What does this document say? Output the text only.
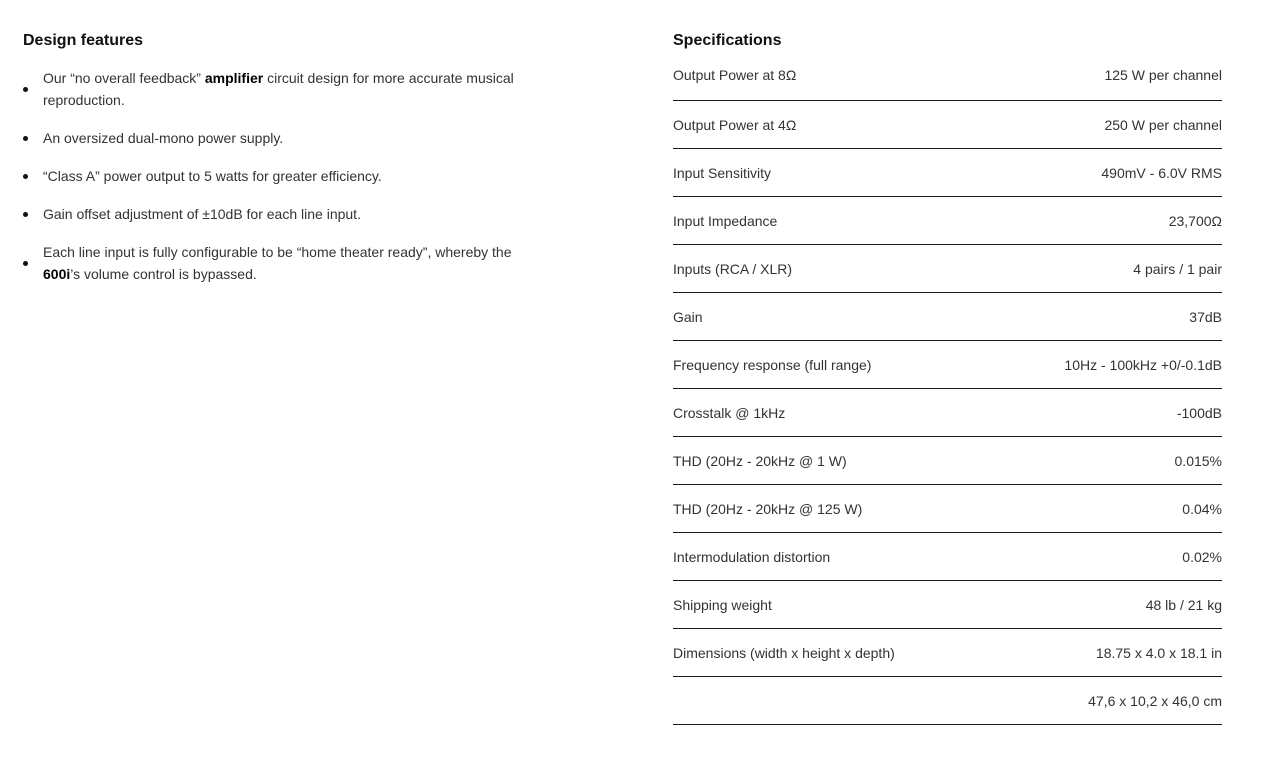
Design features
Our “no overall feedback” amplifier circuit design for more accurate musical reproduction.
An oversized dual-mono power supply.
“Class A” power output to 5 watts for greater efficiency.
Gain offset adjustment of ±10dB for each line input.
Each line input is fully configurable to be “home theater ready”, whereby the 600i’s volume control is bypassed.
Specifications
Output Power at 8Ω	125 W per channel
Output Power at 4Ω	250 W per channel
Input Sensitivity	490mV - 6.0V RMS
Input Impedance	23,700Ω
Inputs (RCA / XLR)	4 pairs / 1 pair
Gain	37dB
Frequency response (full range)	10Hz - 100kHz +0/-0.1dB
Crosstalk @ 1kHz	-100dB
THD (20Hz - 20kHz @ 1 W)	0.015%
THD (20Hz - 20kHz @ 125 W)	0.04%
Intermodulation distortion	0.02%
Shipping weight	48 lb / 21 kg
Dimensions (width x height x depth)	18.75 x 4.0 x 18.1 in
47,6 x 10,2 x 46,0 cm
